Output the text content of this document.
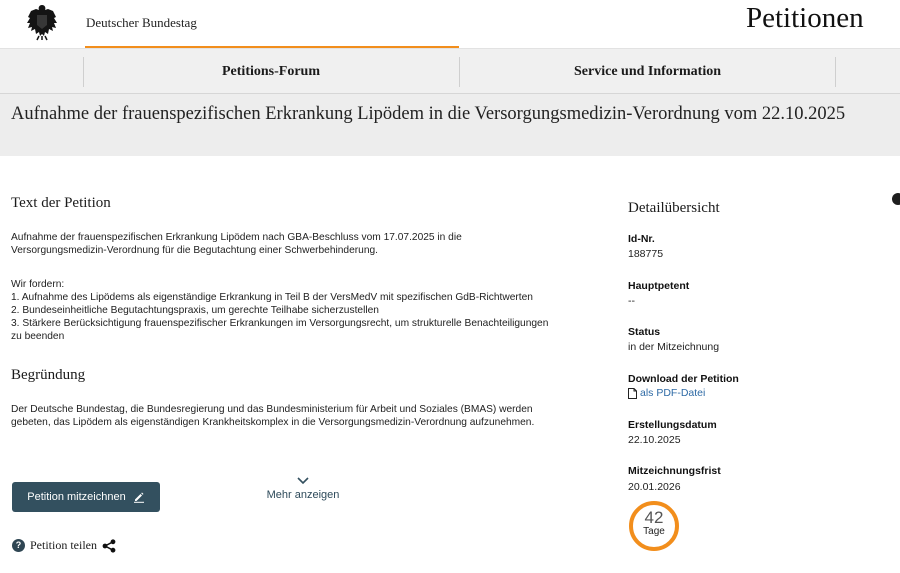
Deutscher Bundestag	Petitionen
Petitions-Forum	Service und Information
Aufnahme der frauenspezifischen Erkrankung Lipödem in die Versorgungsmedizin-Verordnung vom 22.10.2025
Text der Petition
Aufnahme der frauenspezifischen Erkrankung Lipödem nach GBA-Beschluss vom 17.07.2025 in die
Versorgungsmedizin-Verordnung für die Begutachtung einer Schwerbehinderung.
Wir fordern:
1. Aufnahme des Lipödems als eigenständige Erkrankung in Teil B der VersMedV mit spezifischen GdB-Richtwerten
2. Bundeseinheitliche Begutachtungspraxis, um gerechte Teilhabe sicherzustellen
3. Stärkere Berücksichtigung frauenspezifischer Erkrankungen im Versorgungsrecht, um strukturelle Benachteiligungen
zu beenden
Begründung
Der Deutsche Bundestag, die Bundesregierung und das Bundesministerium für Arbeit und Soziales (BMAS) werden
gebeten, das Lipödem als eigenständigen Krankheitskomplex in die Versorgungsmedizin-Verordnung aufzunehmen.
Petition mitzeichnen	Mehr anzeigen
? Petition teilen
Detailübersicht
Id-Nr.
188775
Hauptpetent
--
Status
in der Mitzeichnung
Download der Petition
als PDF-Datei
Erstellungsdatum
22.10.2025
Mitzeichnungsfrist
20.01.2026
42
Tage
